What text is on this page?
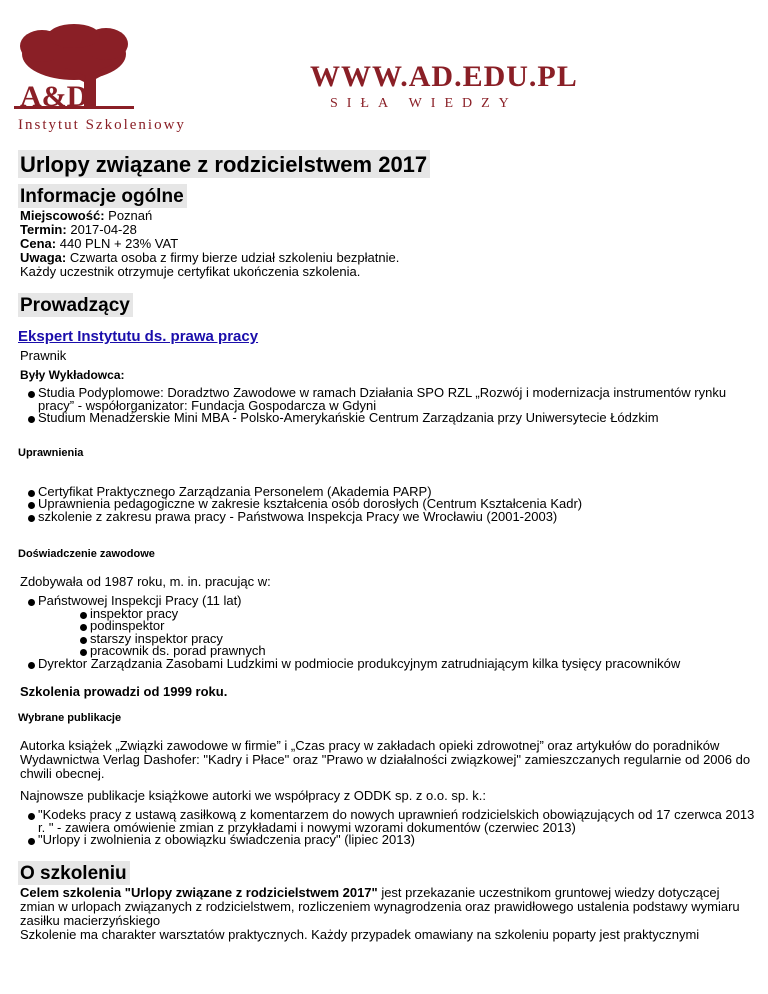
A&D
Instytut Szkoleniowy
WWW.AD.EDU.PL
SIŁA WIEDZY
Urlopy związane z rodzicielstwem 2017
Informacje ogólne

Miejscowość: Poznań

Termin: 2017-04-28

Cena: 440 PLN + 23% VAT

Uwaga: Czwarta osoba z firmy bierze udział szkoleniu bezpłatnie.

Każdy uczestnik otrzymuje certyfikat ukończenia szkolenia.

Prowadzący
Ekspert Instytutu ds. prawa pracy
Prawnik
Były Wykładowca:
Studia Podyplomowe: Doradztwo Zawodowe w ramach Działania SPO RZL „Rozwój i modernizacja instrumentów rynku pracy” - współorganizator: Fundacja Gospodarcza w Gdyni
Studium Menadżerskie Mini MBA - Polsko-Amerykańskie Centrum Zarządzania przy Uniwersytecie Łódzkim
Uprawnienia
Certyfikat Praktycznego Zarządzania Personelem (Akademia PARP)
Uprawnienia pedagogiczne w zakresie kształcenia osób dorosłych (Centrum Kształcenia Kadr)
szkolenie z zakresu prawa pracy - Państwowa Inspekcja Pracy we Wrocławiu (2001-2003)
Doświadczenie zawodowe
Zdobywała od 1987 roku, m. in. pracując w:
Państwowej Inspekcji Pracy (11 lat)
inspektor pracy
podinspektor
starszy inspektor pracy
pracownik ds. porad prawnych
Dyrektor Zarządzania Zasobami Ludzkimi w podmiocie produkcyjnym zatrudniającym kilka tysięcy pracowników
Szkolenia prowadzi od 1999 roku.
Wybrane publikacje
Autorka książek „Związki zawodowe w firmie” i „Czas pracy w zakładach opieki zdrowotnej” oraz artykułów do poradników Wydawnictwa Verlag Dashofer: "Kadry i Płace" oraz "Prawo w działalności związkowej" zamieszczanych regularnie od 2006 do chwili obecnej.
Najnowsze publikacje książkowe autorki we współpracy z ODDK sp. z o.o. sp. k.:
"Kodeks pracy z ustawą zasiłkową z komentarzem do nowych uprawnień rodzicielskich obowiązujących od 17 czerwca 2013 r. " - zawiera omówienie zmian z przykładami i nowymi wzorami dokumentów (czerwiec 2013)
"Urlopy i zwolnienia z obowiązku świadczenia pracy" (lipiec 2013)
O szkoleniu
Celem szkolenia "Urlopy związane z rodzicielstwem 2017" jest przekazanie uczestnikom gruntowej wiedzy dotyczącej zmian w urlopach związanych z rodzicielstwem, rozliczeniem wynagrodzenia oraz prawidłowego ustalenia podstawy wymiaru zasiłku macierzyńskiego
Szkolenie ma charakter warsztatów praktycznych. Każdy przypadek omawiany na szkoleniu poparty jest praktycznymi
